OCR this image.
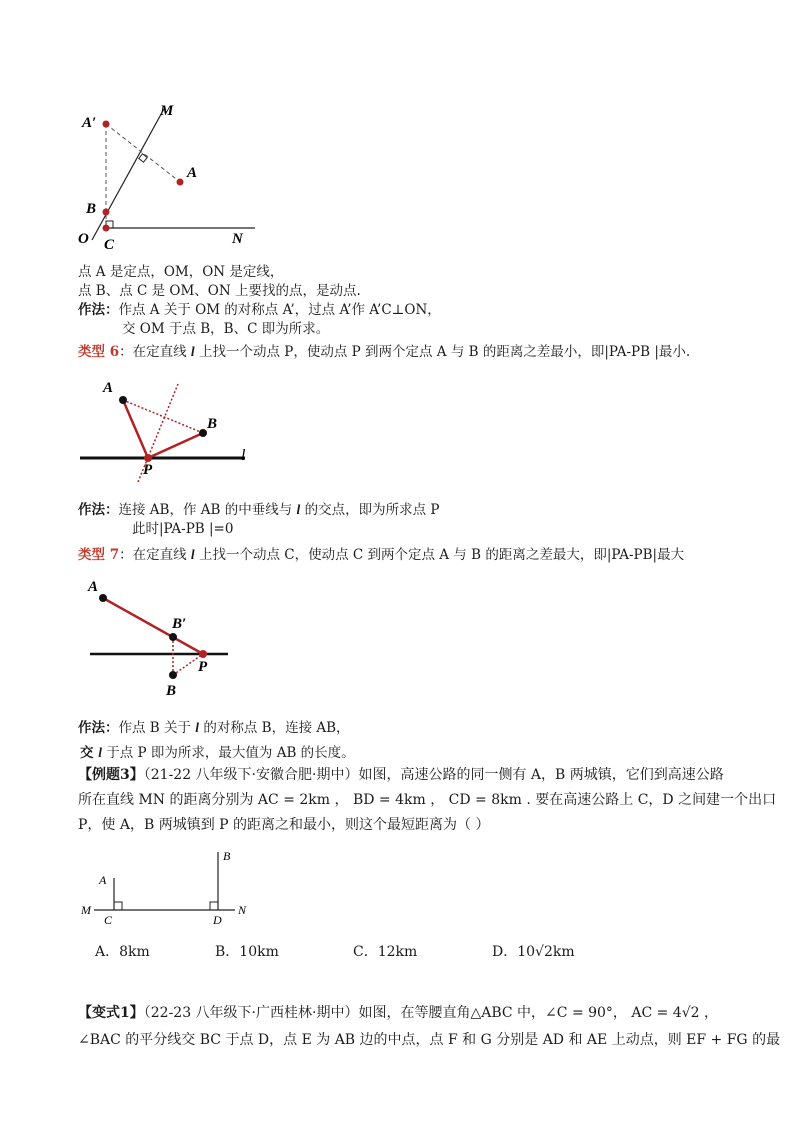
M
A′
A
B
O C	N
点 A 是定点，OM，ON 是定线，
点 B、点 C 是 OM、ON 上要找的点，是动点.
作法：作点 A 关于 OM 的对称点 A’，过点 A’作 A’C⊥ON，
交 OM 于点 B，B、C 即为所求。
类型 6：在定直线 l 上找一个动点 P，使动点 P 到两个定点 A 与 B 的距离之差最小，即|PA-PB |最小.
A
B
P
l
作法：连接 AB，作 AB 的中垂线与 l 的交点，即为所求点 P
此时|PA-PB |=0
类型 7：在定直线 l 上找一个动点 C，使动点 C 到两个定点 A 与 B 的距离之差最大，即|PA-PB|最大
A
B′
P
B
作法：作点 B 关于 l 的对称点 B，连接 AB，
交 l 于点 P 即为所求，最大值为 AB 的长度。
【例题3】（21-22 八年级下·安徽合肥·期中）如图，高速公路的同一侧有 A，B 两城镇，它们到高速公路
所在直线 MN 的距离分别为 AC = 2km ， BD = 4km ， CD = 8km . 要在高速公路上 C，D 之间建一个出口
P，使 A，B 两城镇到 P 的距离之和最小，则这个最短距离为（ ）
A
B
M
C	D
N
A．8km	B．10km	C．12km	D．10√2km
【变式1】（22-23 八年级下·广西桂林·期中）如图，在等腰直角△ABC 中，∠C = 90°， AC = 4√2 ，
∠BAC 的平分线交 BC 于点 D，点 E 为 AB 边的中点，点 F 和 G 分别是 AD 和 AE 上动点，则 EF + FG 的最
